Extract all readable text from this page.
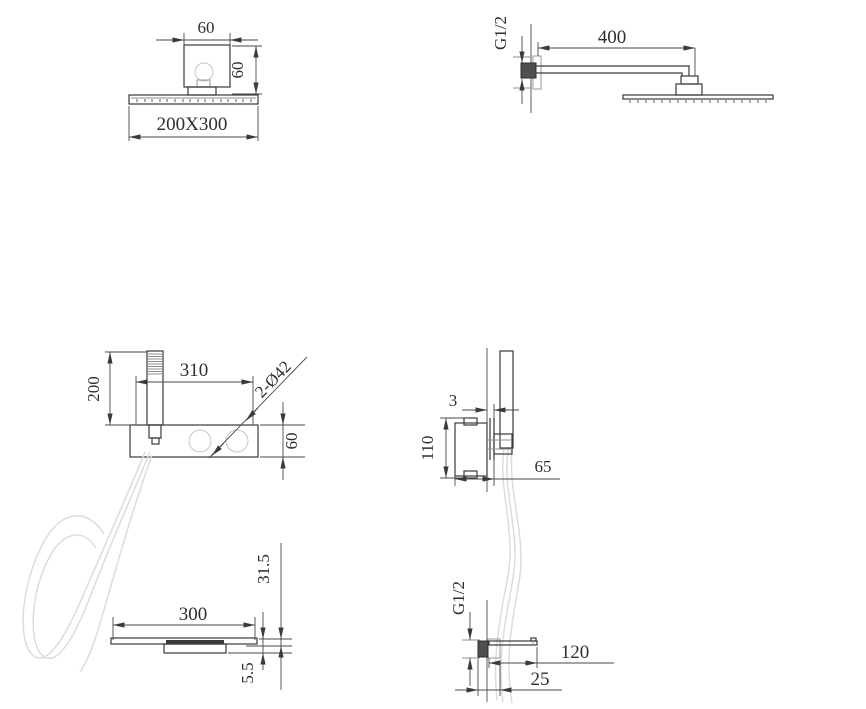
60
60
200X300
G1/2	400
200
310	2-Ø42
60
3
110
65
300
31.5
5.5
G1/2
120
25
